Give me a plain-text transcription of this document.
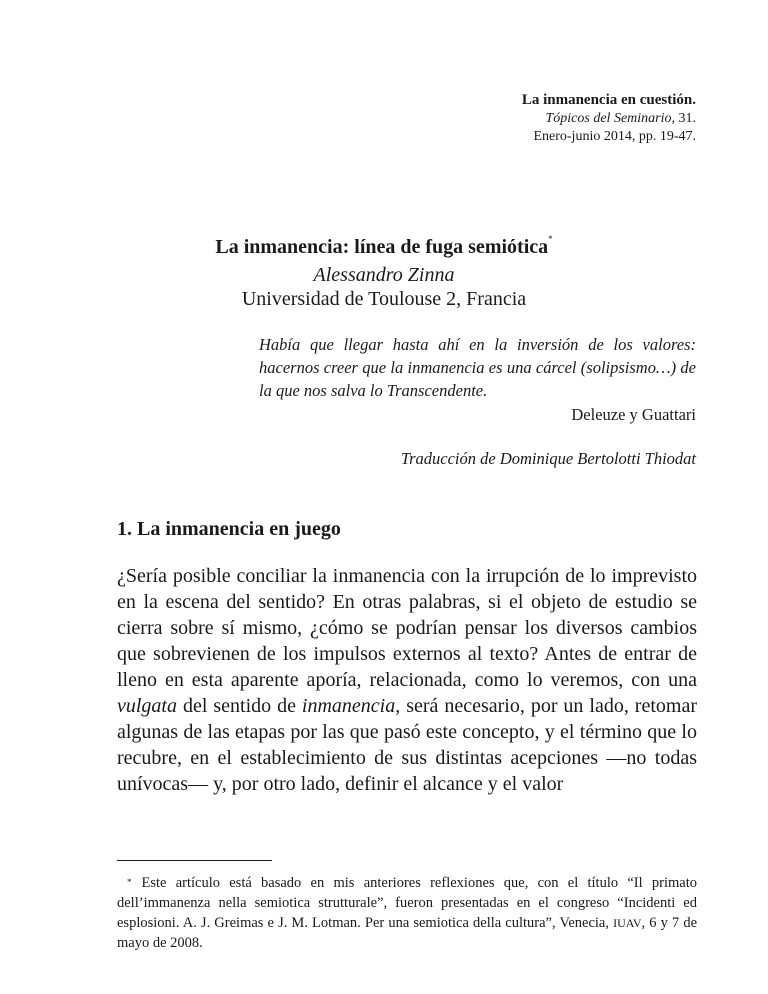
La inmanencia en cuestión.
Tópicos del Seminario, 31.
Enero-junio 2014, pp. 19-47.
La inmanencia: línea de fuga semiótica*
Alessandro Zinna
Universidad de Toulouse 2, Francia
Había que llegar hasta ahí en la inversión de los valores: hacernos creer que la inmanencia es una cárcel (solipsismo…) de la que nos salva lo Transcendente.
Deleuze y Guattari
Traducción de Dominique Bertolotti Thiodat
1. La inmanencia en juego
¿Sería posible conciliar la inmanencia con la irrupción de lo imprevisto en la escena del sentido? En otras palabras, si el objeto de estudio se cierra sobre sí mismo, ¿cómo se podrían pensar los diversos cambios que sobrevienen de los impulsos externos al texto? Antes de entrar de lleno en esta aparente aporía, relacionada, como lo veremos, con una vulgata del sentido de inmanencia, será necesario, por un lado, retomar algunas de las etapas por las que pasó este concepto, y el término que lo recubre, en el establecimiento de sus distintas acepciones —no todas unívocas— y, por otro lado, definir el alcance y el valor
* Este artículo está basado en mis anteriores reflexiones que, con el título “Il primato dell’immanenza nella semiotica strutturale”, fueron presentadas en el congreso “Incidenti ed esplosioni. A. J. Greimas e J. M. Lotman. Per una semiotica della cultura”, Venecia, IUAV, 6 y 7 de mayo de 2008.
